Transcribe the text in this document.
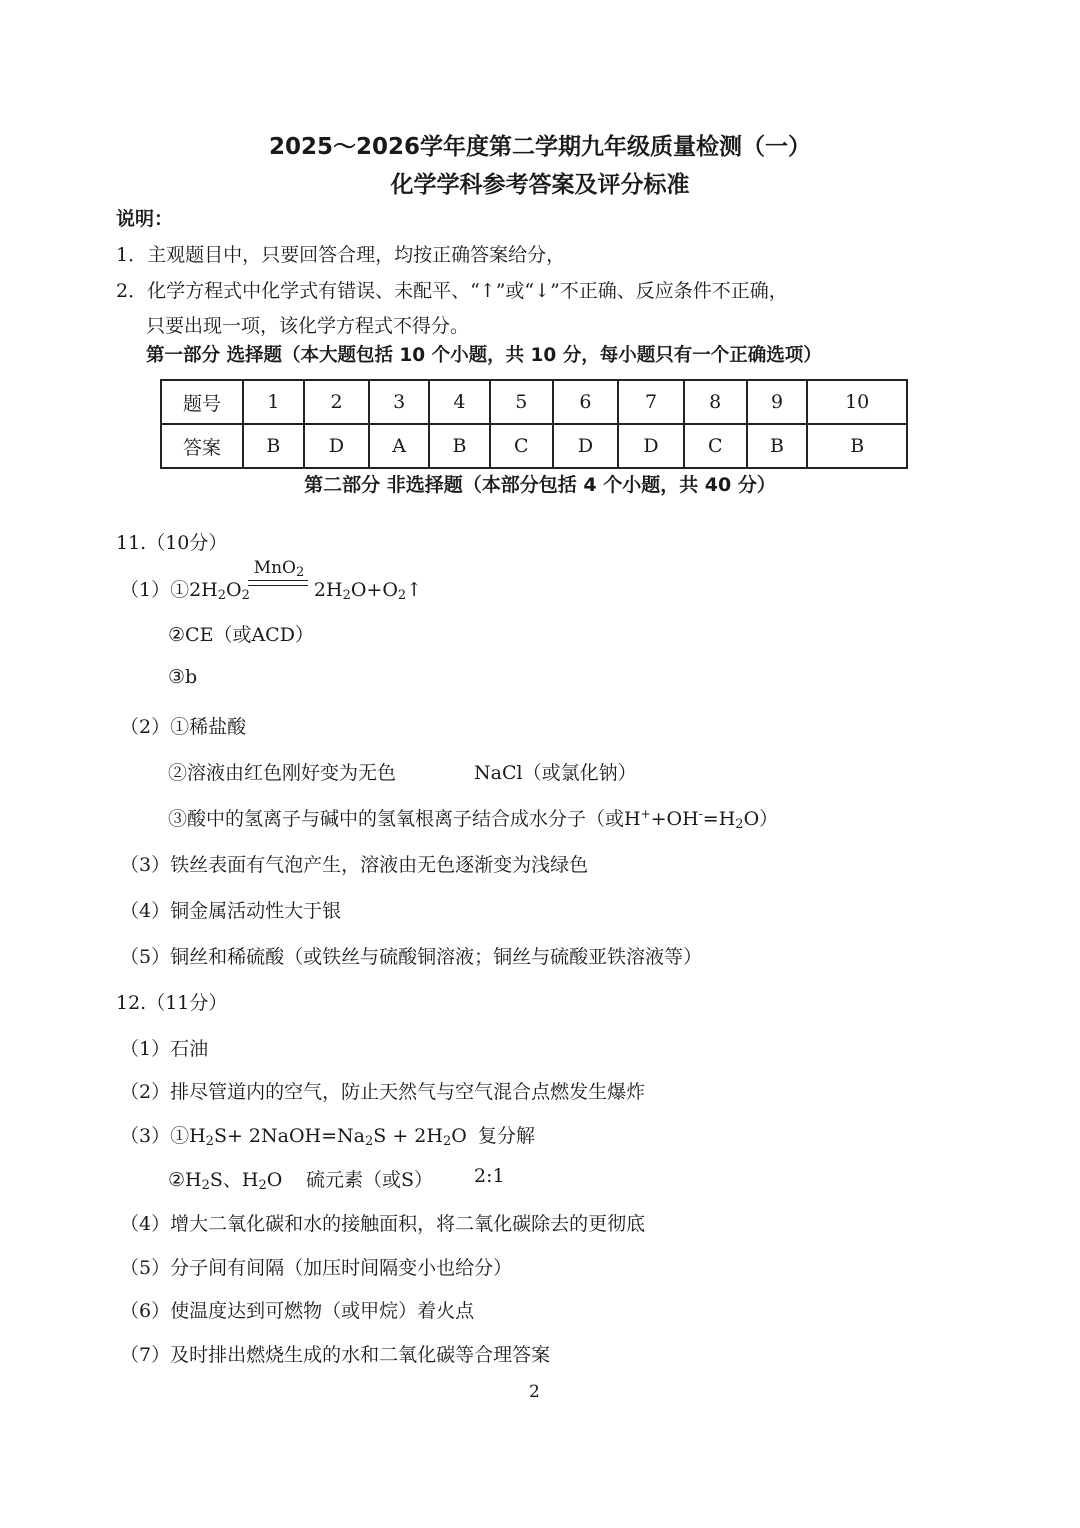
2025～2026学年度第二学期九年级质量检测（一）
化学学科参考答案及评分标准
说明：
1．主观题目中，只要回答合理，均按正确答案给分，
2．化学方程式中化学式有错误、未配平、“↑”或“↓”不正确、反应条件不正确，
只要出现一项，该化学方程式不得分。
第一部分 选择题（本大题包括 10 个小题，共 10 分，每小题只有一个正确选项）
题号	1	2	3	4	5	6	7	8	9	10
答案	B	D	A	B	C	D	D	C	B	B
第二部分 非选择题（本部分包括 4 个小题，共 40 分）
11.（10分）
MnO$_2$
$(1)①2H_2O_2$	$2H_2O+O_2↑$
②CE（或ACD）
③b
（2）①稀盐酸
②溶液由红色刚好变为无色	NaCl（或氯化钠）
③酸中的氢离子与碱中的氢氧根离子结合成水分子（或$H^++OH^-=H_2O$）
（3）铁丝表面有气泡产生，溶液由无色逐渐变为浅绿色
（4）铜金属活动性大于银
（5）铜丝和稀硫酸（或铁丝与硫酸铜溶液；铜丝与硫酸亚铁溶液等）
12.（11分）
（1）石油
（2）排尽管道内的空气，防止天然气与空气混合点燃发生爆炸
$(3)①H_2S+$ $2NaOH=Na_2S + 2H_2O$ 复分解
$②H_2S$、$H_2O$ 硫元素（或S） 2:1
（4）增大二氧化碳和水的接触面积，将二氧化碳除去的更彻底
（5）分子间有间隔（加压时间隔变小也给分）
（6）使温度达到可燃物（或甲烷）着火点
（7）及时排出燃烧生成的水和二氧化碳等合理答案
2
